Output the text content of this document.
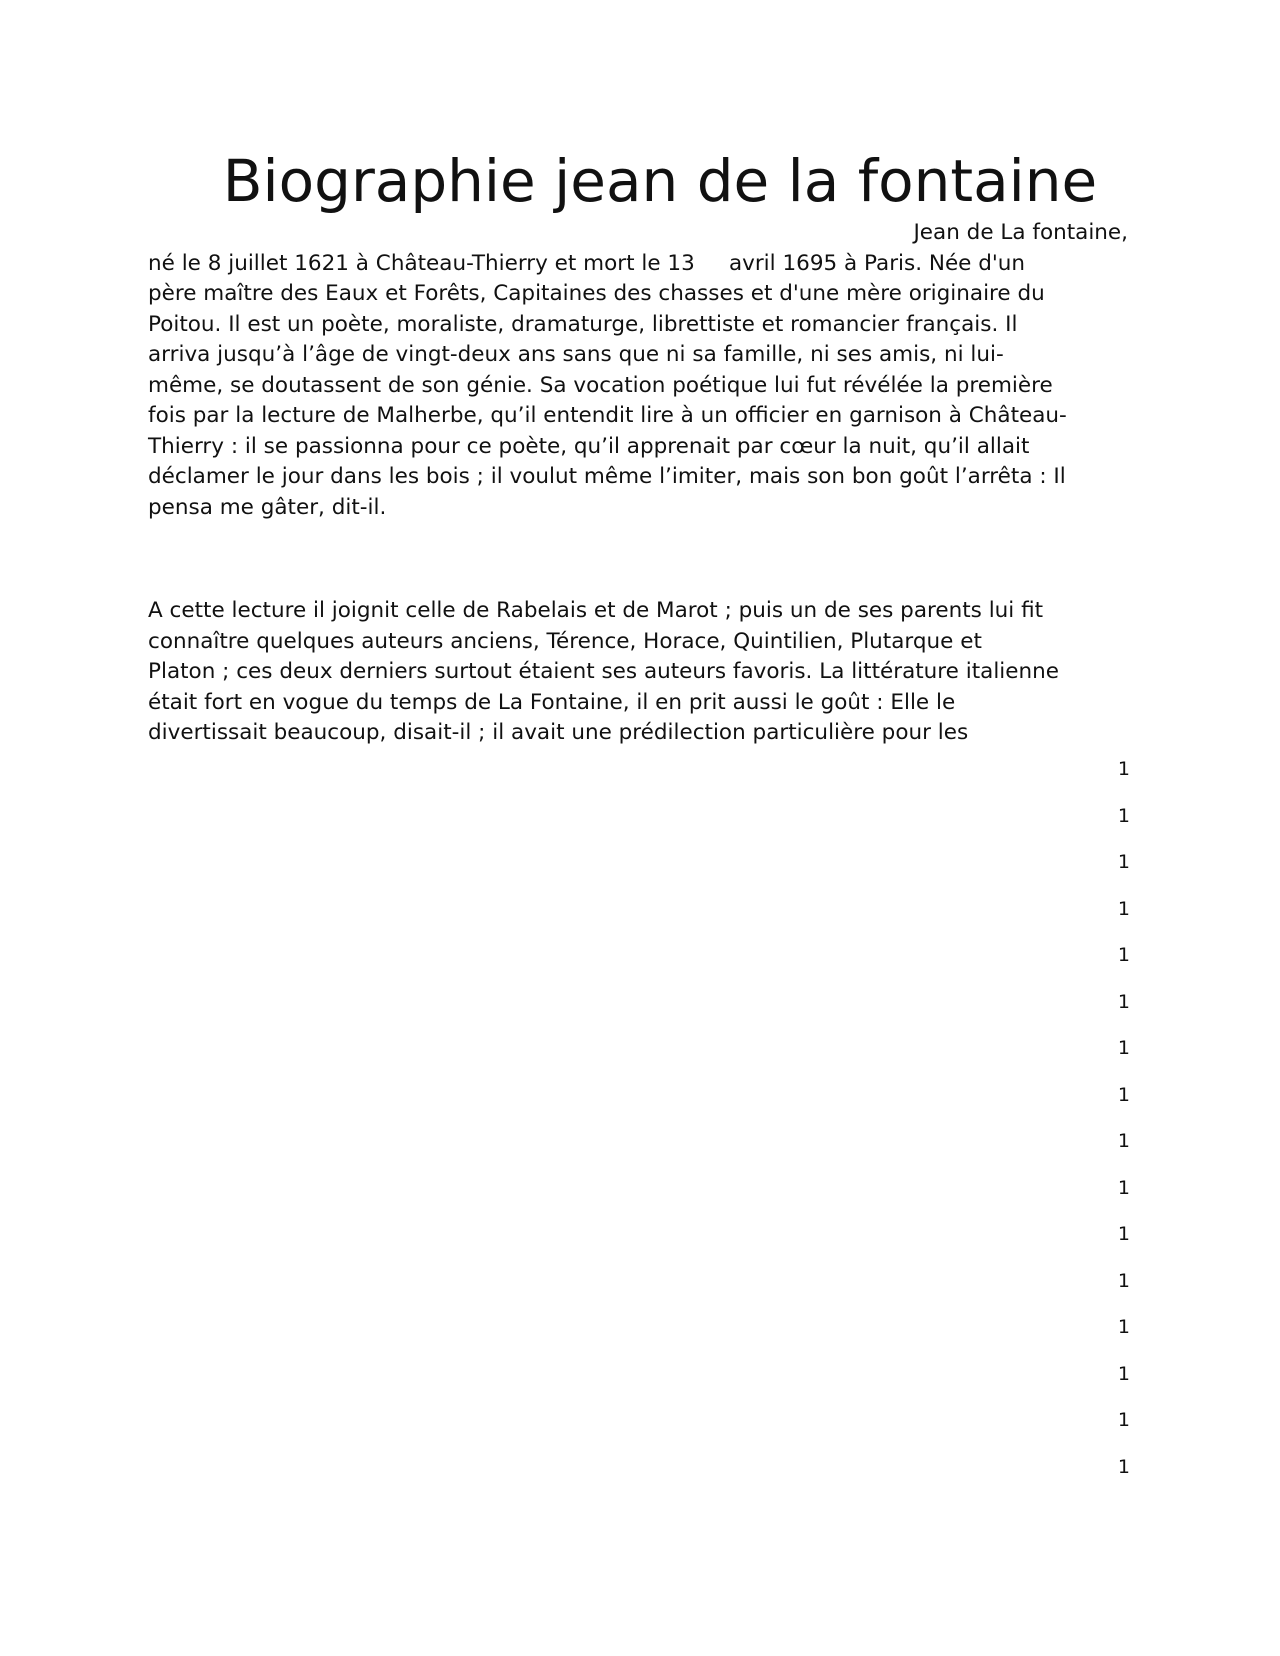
Biographie jean de la fontaine
Jean de La fontaine,
né le 8 juillet 1621 à Château-Thierry et mort le 13     avril 1695 à Paris. Née d'un
père maître des Eaux et Forêts, Capitaines des chasses et d'une mère originaire du
Poitou. Il est un poète, moraliste, dramaturge, librettiste et romancier français. Il
arriva jusqu’à l’âge de vingt-deux ans sans que ni sa famille, ni ses amis, ni lui-
même, se doutassent de son génie. Sa vocation poétique lui fut révélée la première
fois par la lecture de Malherbe, qu’il entendit lire à un officier en garnison à Château-
Thierry : il se passionna pour ce poète, qu’il apprenait par cœur la nuit, qu’il allait
déclamer le jour dans les bois ; il voulut même l’imiter, mais son bon goût l’arrêta : Il
pensa me gâter, dit-il.
A cette lecture il joignit celle de Rabelais et de Marot ; puis un de ses parents lui fit
connaître quelques auteurs anciens, Térence, Horace, Quintilien, Plutarque et
Platon ; ces deux derniers surtout étaient ses auteurs favoris. La littérature italienne
était fort en vogue du temps de La Fontaine, il en prit aussi le goût : Elle le
divertissait beaucoup, disait-il ; il avait une prédilection particulière pour les
1
1
1
1
1
1
1
1
1
1
1
1
1
1
1
1
